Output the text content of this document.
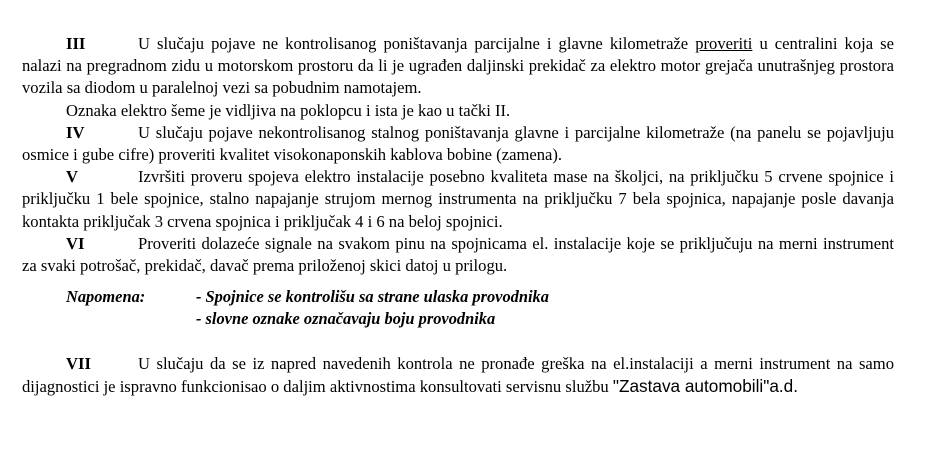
III	U slučaju pojave ne kontrolisanog poništavanja parcijalne i glavne kilometraže proveriti u centralini koja se nalazi na pregradnom zidu u motorskom prostoru da li je ugrađen daljinski prekidač za elektro motor grejača unutrašnjeg prostora vozila sa diodom u paralelnoj vezi sa pobudnim namotajem.

Oznaka elektro šeme je vidljiva na poklopcu i ista je kao u tački II.

IV	U slučaju pojave nekontrolisanog stalnog poništavanja glavne i parcijalne kilometraže (na panelu se pojavljuju osmice i gube cifre) proveriti kvalitet visokonaponskih kablova bobine (zamena).

V	Izvršiti proveru spojeva elektro instalacije posebno kvaliteta mase na školjci, na priključku 5 crvene spojnice i priključku 1 bele spojnice, stalno napajanje strujom mernog instrumenta na priključku 7 bela spojnica, napajanje posle davanja kontakta priključak 3 crvena spojnica i priključak 4 i 6 na beloj spojnici.

VI	Proveriti dolazeće signale na svakom pinu na spojnicama el. instalacije koje se priključuju na merni instrument za svaki potrošač, prekidač, davač prema priloženoj skici datoj u prilogu.

Napomena:	- Spojnice se kontrolišu sa strane ulaska provodnika
- slovne oznake označavaju boju provodnika

VII	U slučaju da se iz napred navedenih kontrola ne pronađe greška na el.instalaciji a merni instrument na samo dijagnostici je ispravno funkcionisao o daljim aktivnostima konsultovati servisnu službu "Zastava automobili"a.d.
